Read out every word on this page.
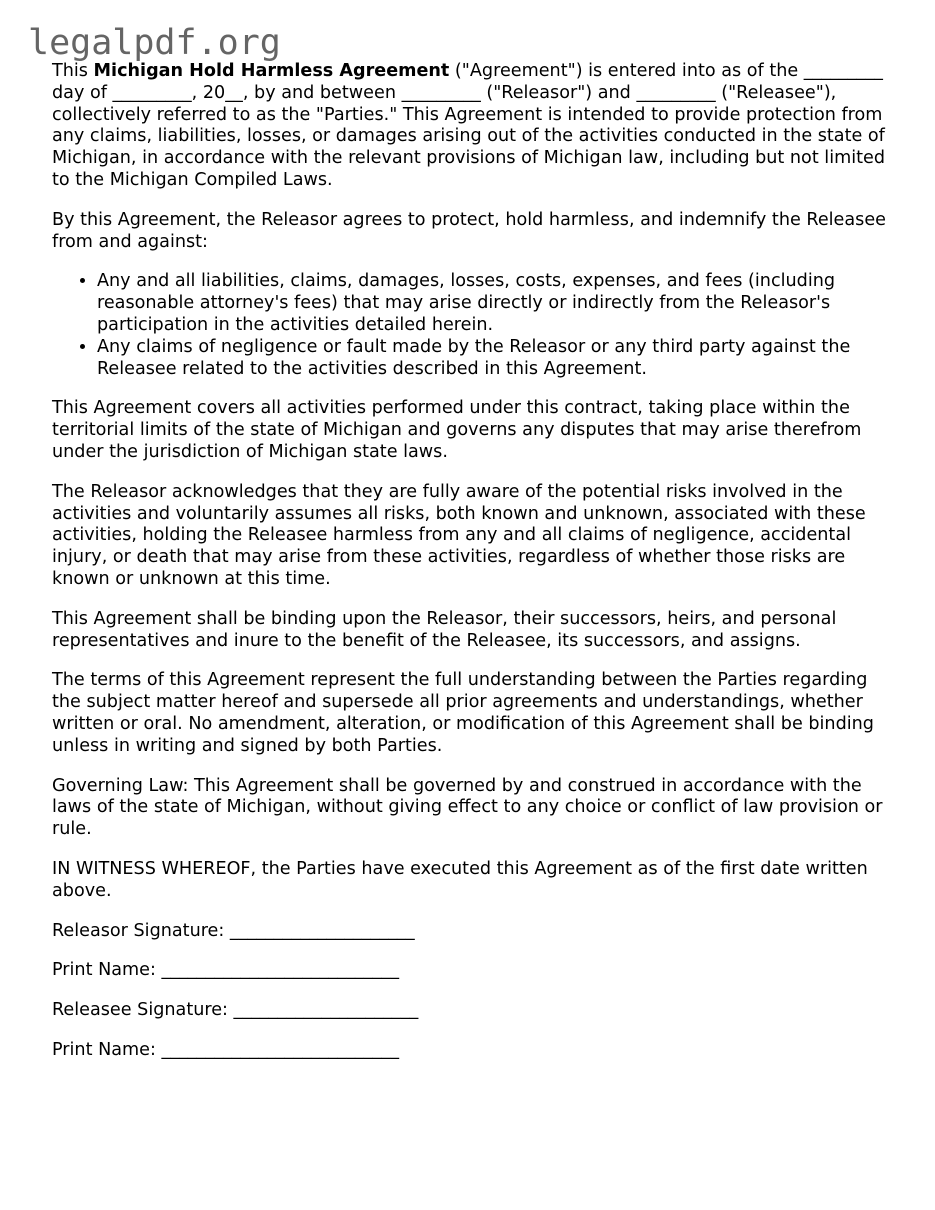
legalpdf.org

This Michigan Hold Harmless Agreement ("Agreement") is entered into as of the _________ day of _________, 20__, by and between _________ ("Releasor") and _________ ("Releasee"), collectively referred to as the "Parties." This Agreement is intended to provide protection from any claims, liabilities, losses, or damages arising out of the activities conducted in the state of Michigan, in accordance with the relevant provisions of Michigan law, including but not limited to the Michigan Compiled Laws.

By this Agreement, the Releasor agrees to protect, hold harmless, and indemnify the Releasee from and against:

• Any and all liabilities, claims, damages, losses, costs, expenses, and fees (including reasonable attorney's fees) that may arise directly or indirectly from the Releasor's participation in the activities detailed herein.
• Any claims of negligence or fault made by the Releasor or any third party against the Releasee related to the activities described in this Agreement.

This Agreement covers all activities performed under this contract, taking place within the territorial limits of the state of Michigan and governs any disputes that may arise therefrom under the jurisdiction of Michigan state laws.

The Releasor acknowledges that they are fully aware of the potential risks involved in the activities and voluntarily assumes all risks, both known and unknown, associated with these activities, holding the Releasee harmless from any and all claims of negligence, accidental injury, or death that may arise from these activities, regardless of whether those risks are known or unknown at this time.

This Agreement shall be binding upon the Releasor, their successors, heirs, and personal representatives and inure to the benefit of the Releasee, its successors, and assigns.

The terms of this Agreement represent the full understanding between the Parties regarding the subject matter hereof and supersede all prior agreements and understandings, whether written or oral. No amendment, alteration, or modification of this Agreement shall be binding unless in writing and signed by both Parties.

Governing Law: This Agreement shall be governed by and construed in accordance with the laws of the state of Michigan, without giving effect to any choice or conflict of law provision or rule.

IN WITNESS WHEREOF, the Parties have executed this Agreement as of the first date written above.

Releasor Signature: _____________________

Print Name: ___________________________

Releasee Signature: _____________________

Print Name: ___________________________
